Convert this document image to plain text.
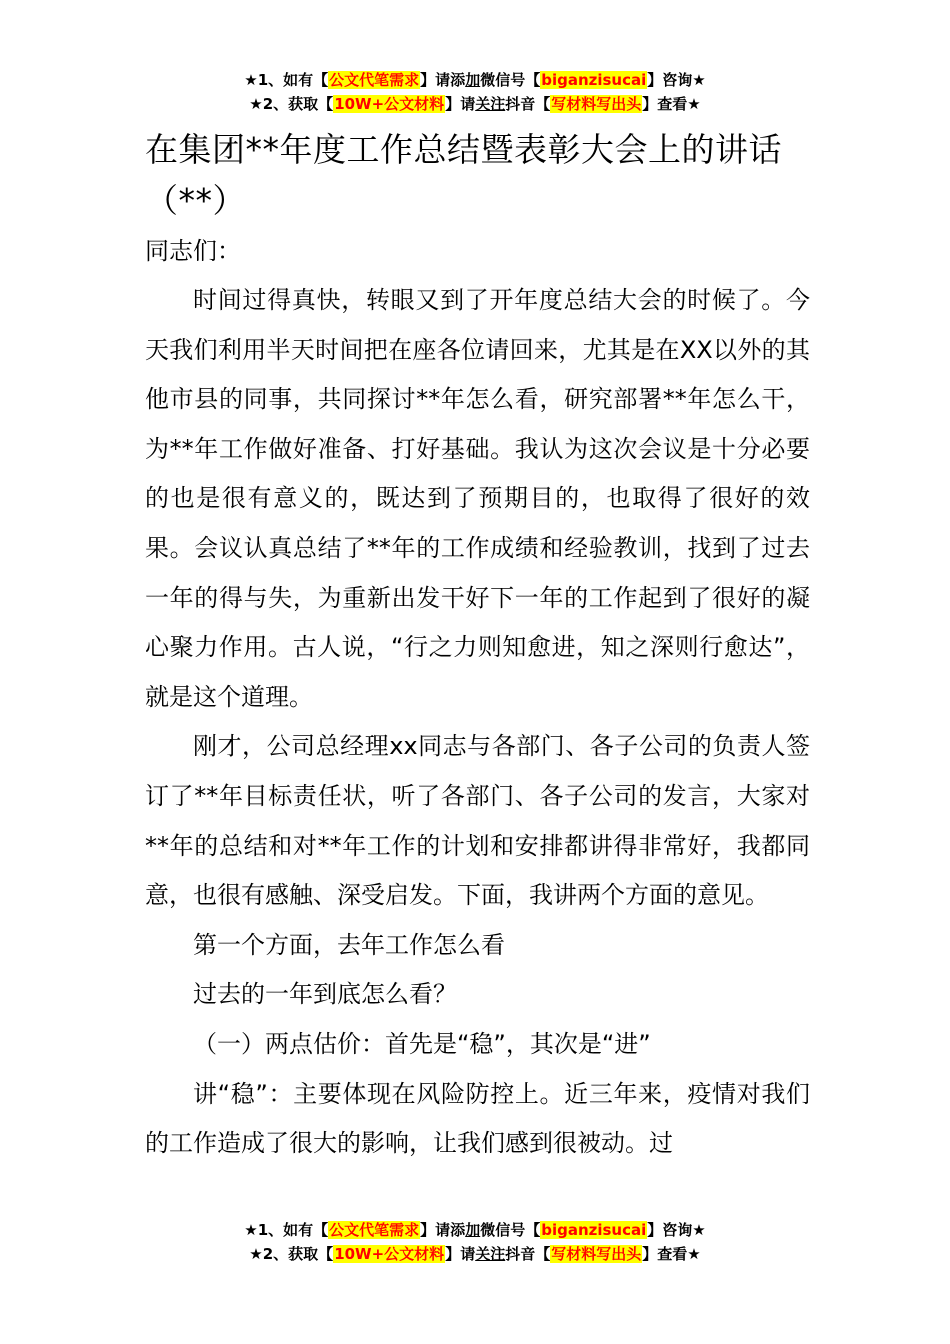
★1、如有【公文代笔需求】请添加微信号【biganzisucai】咨询★
★2、获取【10W+公文材料】请关注抖音【写材料写出头】查看★
在集团**年度工作总结暨表彰大会上的讲话（**）

同志们：

时间过得真快，转眼又到了开年度总结大会的时候了。今天我们利用半天时间把在座各位请回来，尤其是在XX以外的其他市县的同事，共同探讨**年怎么看，研究部署**年怎么干，为**年工作做好准备、打好基础。我认为这次会议是十分必要的也是很有意义的，既达到了预期目的，也取得了很好的效果。会议认真总结了**年的工作成绩和经验教训，找到了过去一年的得与失，为重新出发干好下一年的工作起到了很好的凝心聚力作用。古人说，“行之力则知愈进，知之深则行愈达”，就是这个道理。

刚才，公司总经理xx同志与各部门、各子公司的负责人签订了**年目标责任状，听了各部门、各子公司的发言，大家对**年的总结和对**年工作的计划和安排都讲得非常好，我都同意，也很有感触、深受启发。下面，我讲两个方面的意见。

第一个方面，去年工作怎么看

过去的一年到底怎么看？

（一）两点估价：首先是“稳”，其次是“进”

讲“稳”：主要体现在风险防控上。近三年来，疫情对我们的工作造成了很大的影响，让我们感到很被动。过

★1、如有【公文代笔需求】请添加微信号【biganzisucai】咨询★
★2、获取【10W+公文材料】请关注抖音【写材料写出头】查看★
